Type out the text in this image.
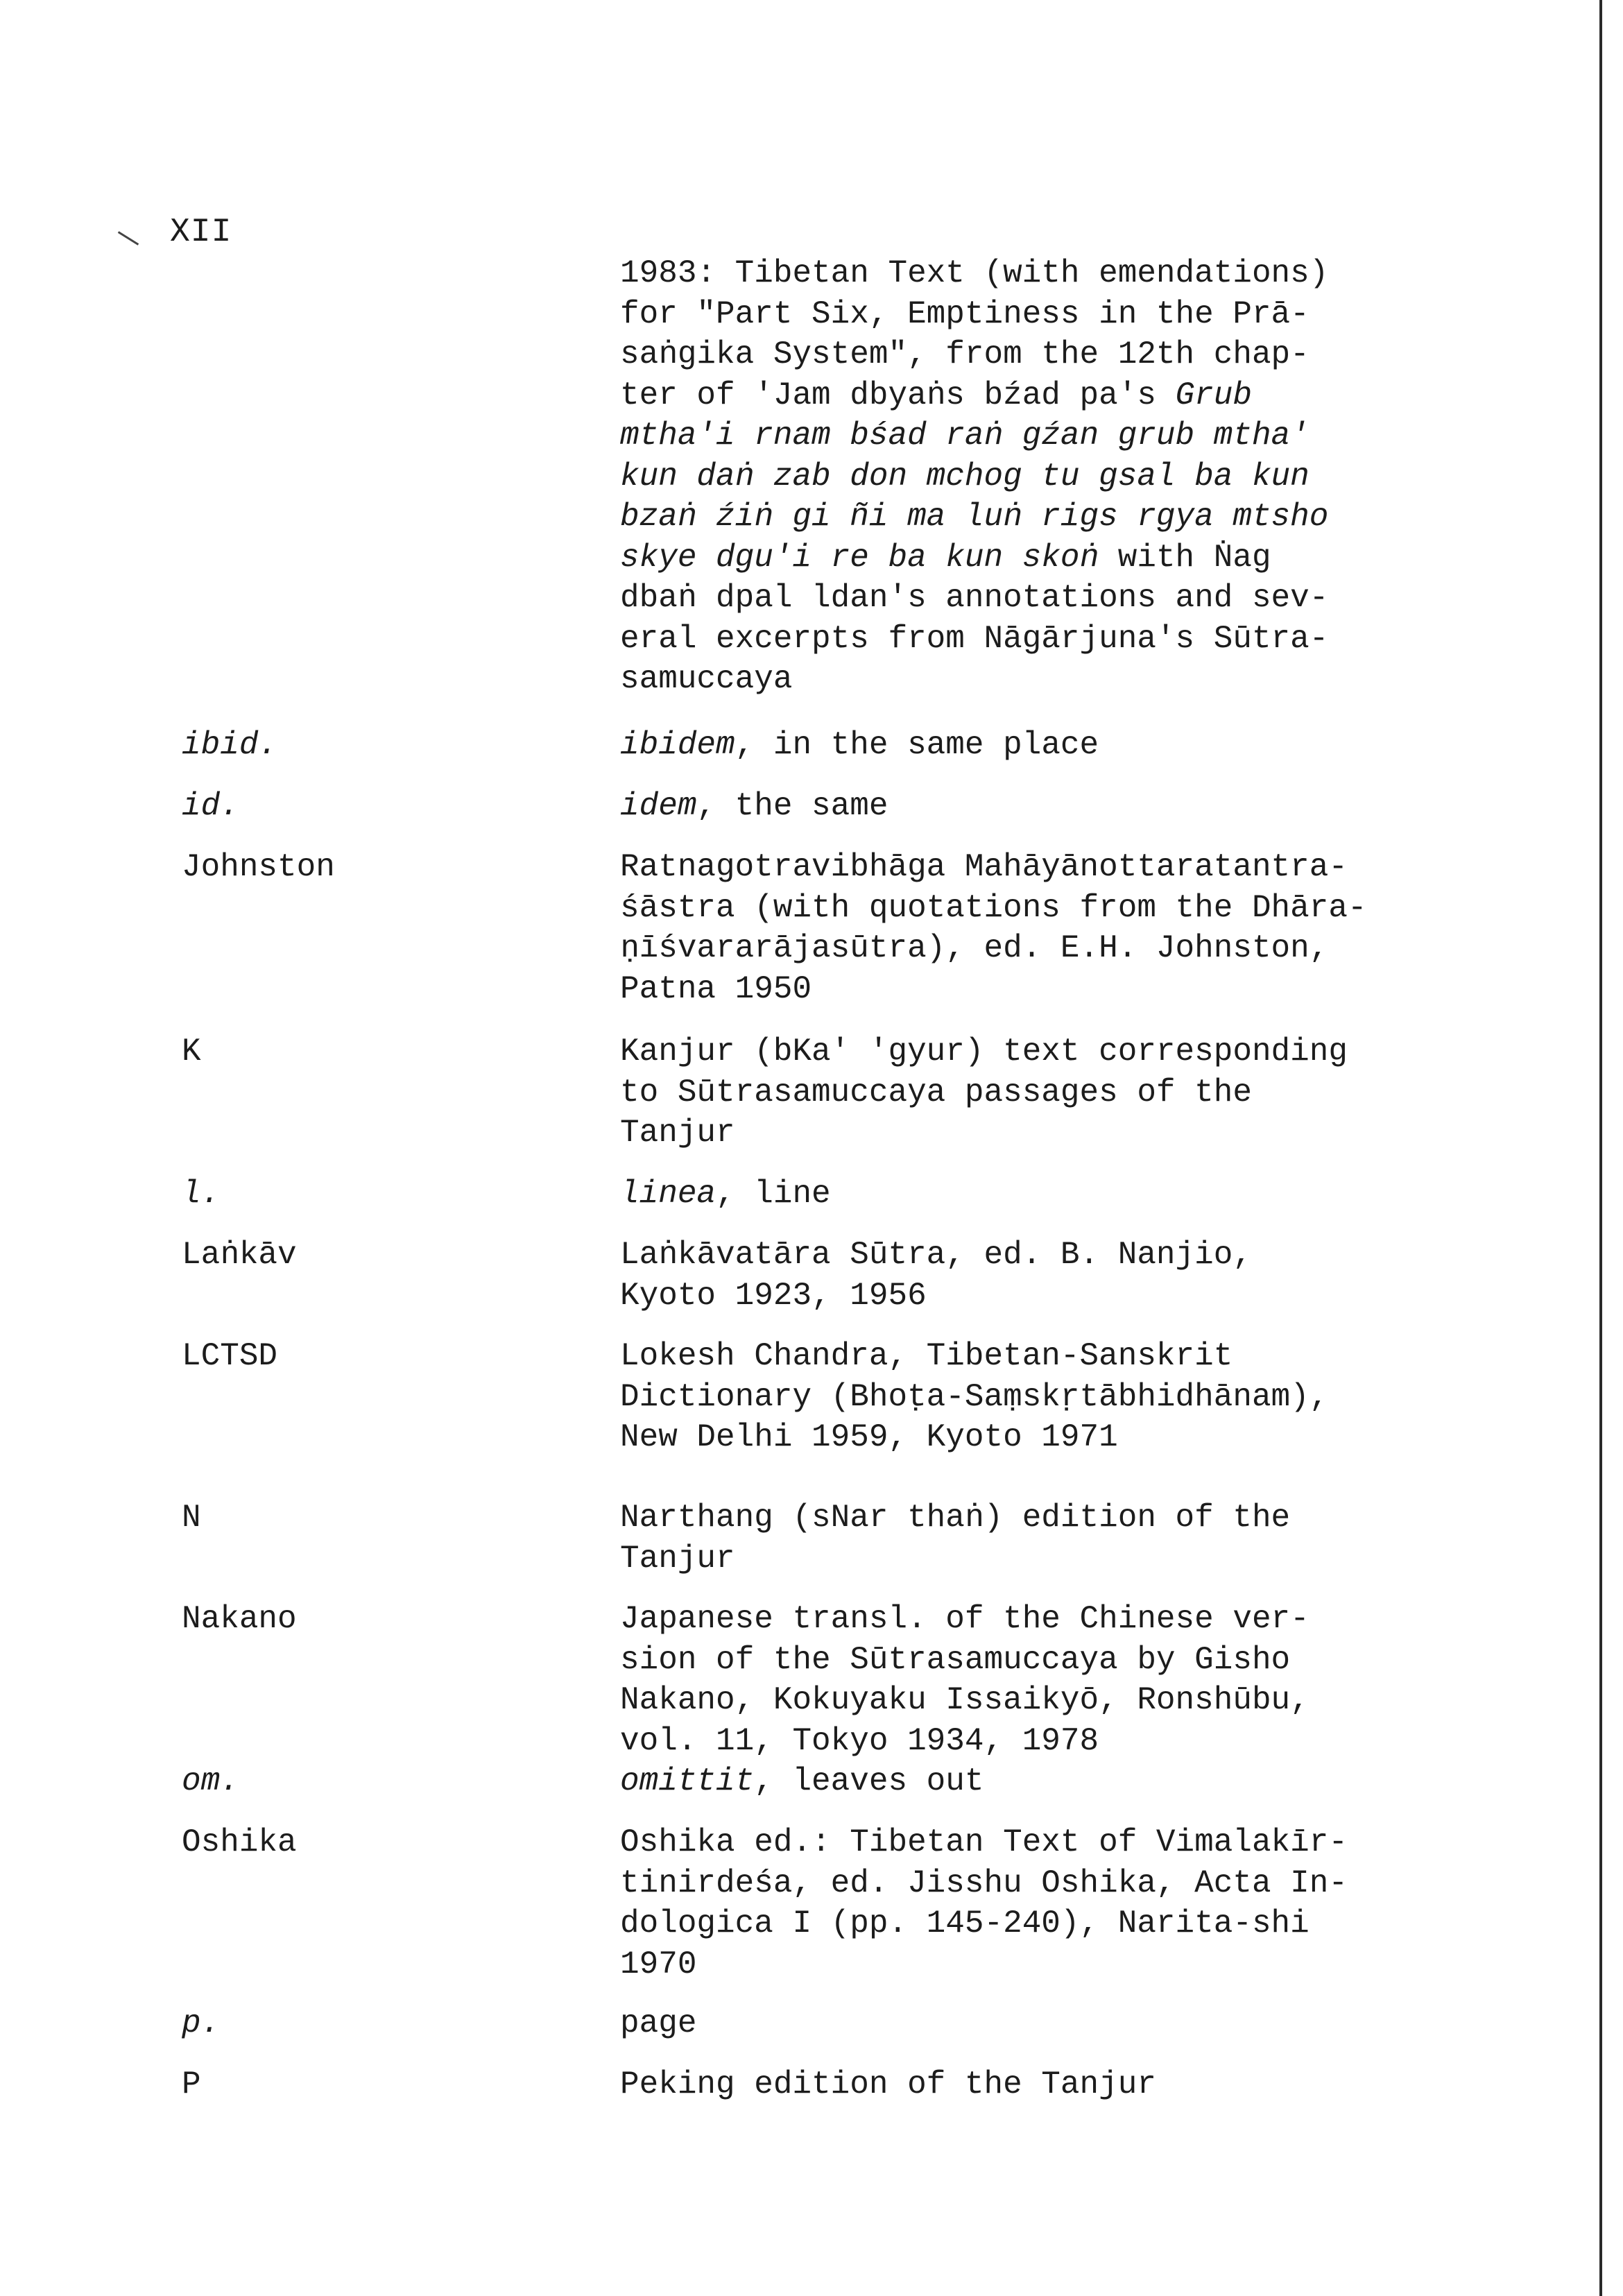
XII
1983: Tibetan Text (with emendations)
for "Part Six, Emptiness in the Prā-
saṅgika System", from the 12th chap-
ter of 'Jam dbyaṅs bźad pa's Grub
mtha'i rnam bśad raṅ gźan grub mtha'
kun daṅ zab don mchog tu gsal ba kun
bzaṅ źiṅ gi ñi ma luṅ rigs rgya mtsho
skye dgu'i re ba kun skoṅ with Ṅag
dbaṅ dpal ldan's annotations and sev-
eral excerpts from Nāgārjuna's Sūtra-
samuccaya
ibid.	ibidem, in the same place
id.	idem, the same
Johnston	Ratnagotravibhāga Mahāyānottaratantra-
śāstra (with quotations from the Dhāra-
ṇīśvararājasūtra), ed. E.H. Johnston,
Patna 1950
K	Kanjur (bKa' 'gyur) text corresponding
to Sūtrasamuccaya passages of the
Tanjur
l.	linea, line
Laṅkāv	Laṅkāvatāra Sūtra, ed. B. Nanjio,
Kyoto 1923, 1956
LCTSD	Lokesh Chandra, Tibetan-Sanskrit
Dictionary (Bhoṭa-Saṃskṛtābhidhānam),
New Delhi 1959, Kyoto 1971
N	Narthang (sNar thaṅ) edition of the
Tanjur
Nakano	Japanese transl. of the Chinese ver-
sion of the Sūtrasamuccaya by Gisho
Nakano, Kokuyaku Issaikyō, Ronshūbu,
vol. 11, Tokyo 1934, 1978
om.	omittit, leaves out
Oshika	Oshika ed.: Tibetan Text of Vimalakīr-
tinirdeśa, ed. Jisshu Oshika, Acta In-
dologica I (pp. 145-240), Narita-shi
1970
p.	page
P	Peking edition of the Tanjur
